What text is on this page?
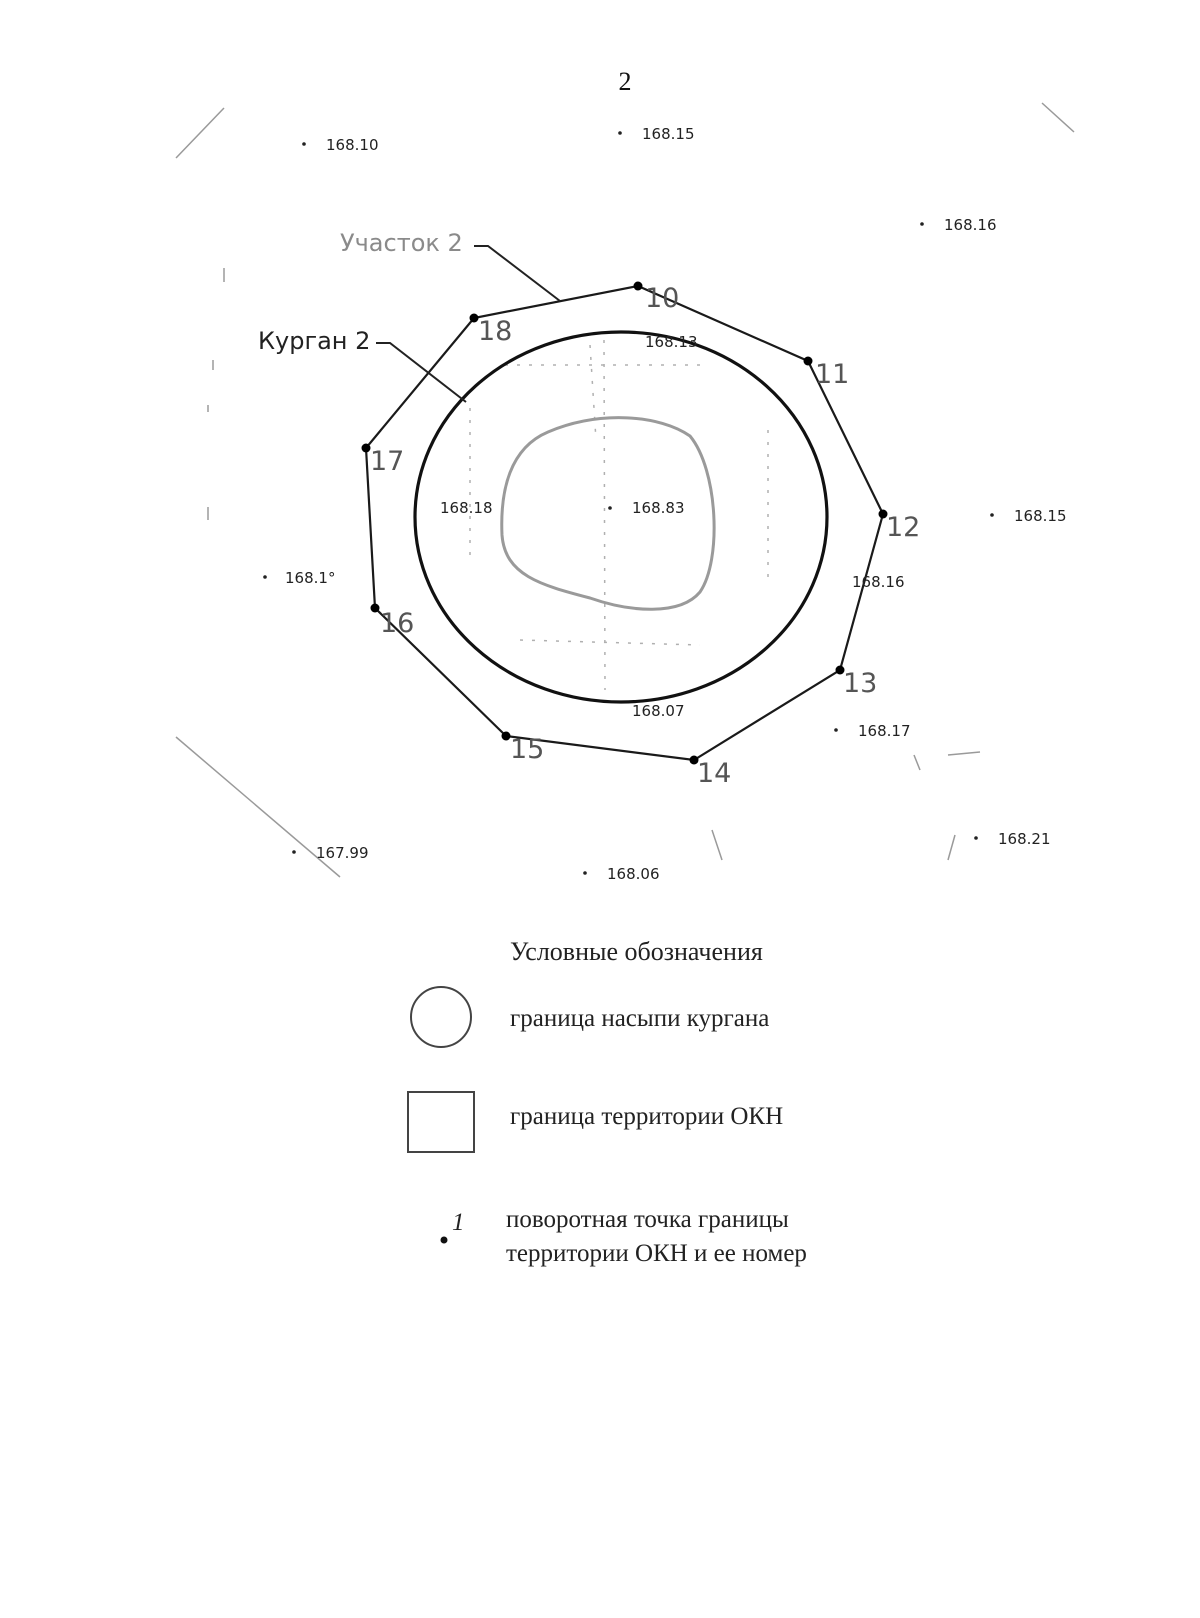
2
10
11
12
13
14
15
16
17
18
168.10
168.15
168.16
168.13
168.18	168.83	168.15
168.1°	168.16
168.17
168.07
167.99
168.06
168.21
Участок 2
Курган 2
Условные обозначения
граница насыпи кургана
граница территории ОКН
1 поворотная точка границы
территории ОКН и ее номер
